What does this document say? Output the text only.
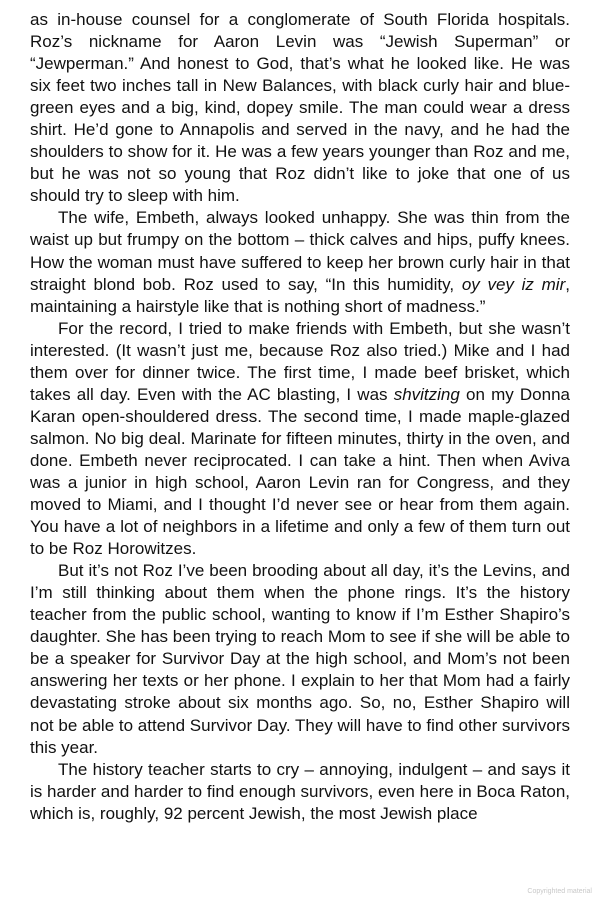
as in-house counsel for a conglomerate of South Florida hospitals. Roz’s nickname for Aaron Levin was “Jewish Superman” or “Jewperman.” And honest to God, that’s what he looked like. He was six feet two inches tall in New Balances, with black curly hair and blue-green eyes and a big, kind, dopey smile. The man could wear a dress shirt. He’d gone to Annapolis and served in the navy, and he had the shoulders to show for it. He was a few years younger than Roz and me, but he was not so young that Roz didn’t like to joke that one of us should try to sleep with him.

The wife, Embeth, always looked unhappy. She was thin from the waist up but frumpy on the bottom – thick calves and hips, puffy knees. How the woman must have suffered to keep her brown curly hair in that straight blond bob. Roz used to say, “In this humidity, oy vey iz mir, maintaining a hairstyle like that is nothing short of madness.”

For the record, I tried to make friends with Embeth, but she wasn’t interested. (It wasn’t just me, because Roz also tried.) Mike and I had them over for dinner twice. The first time, I made beef brisket, which takes all day. Even with the AC blasting, I was shvitzing on my Donna Karan open-shouldered dress. The second time, I made maple-glazed salmon. No big deal. Marinate for fifteen minutes, thirty in the oven, and done. Embeth never reciprocated. I can take a hint. Then when Aviva was a junior in high school, Aaron Levin ran for Congress, and they moved to Miami, and I thought I’d never see or hear from them again. You have a lot of neighbors in a lifetime and only a few of them turn out to be Roz Horowitzes.

But it’s not Roz I’ve been brooding about all day, it’s the Levins, and I’m still thinking about them when the phone rings. It’s the history teacher from the public school, wanting to know if I’m Esther Shapiro’s daughter. She has been trying to reach Mom to see if she will be able to be a speaker for Survivor Day at the high school, and Mom’s not been answering her texts or her phone. I explain to her that Mom had a fairly devastating stroke about six months ago. So, no, Esther Shapiro will not be able to attend Survivor Day. They will have to find other survivors this year.

The history teacher starts to cry – annoying, indulgent – and says it is harder and harder to find enough survivors, even here in Boca Raton, which is, roughly, 92 percent Jewish, the most Jewish place

Copyrighted material
